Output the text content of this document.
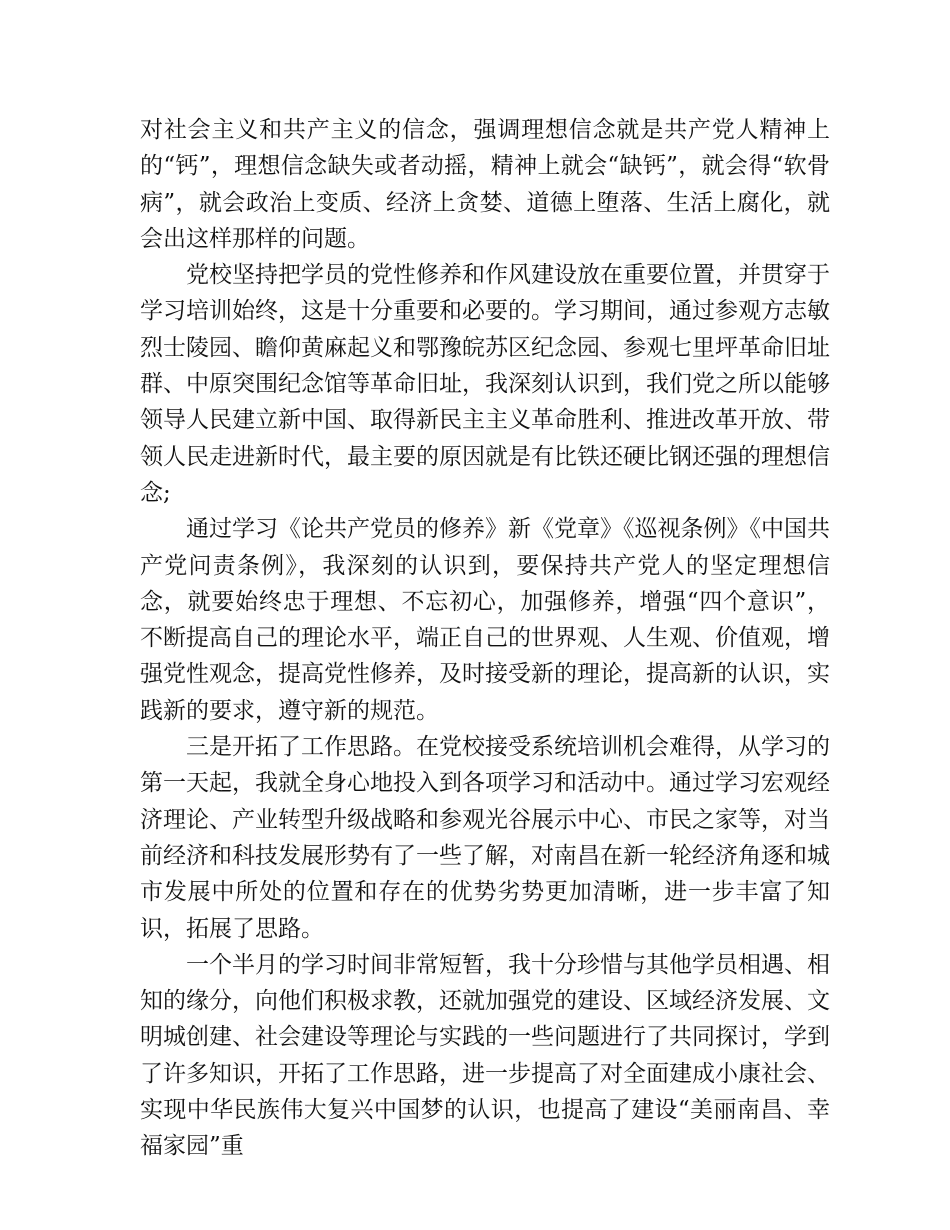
对社会主义和共产主义的信念，强调理想信念就是共产党人精神上的“钙”，理想信念缺失或者动摇，精神上就会“缺钙”，就会得“软骨病”，就会政治上变质、经济上贪婪、道德上堕落、生活上腐化，就会出这样那样的问题。

党校坚持把学员的党性修养和作风建设放在重要位置，并贯穿于学习培训始终，这是十分重要和必要的。学习期间，通过参观方志敏烈士陵园、瞻仰黄麻起义和鄂豫皖苏区纪念园、参观七里坪革命旧址群、中原突围纪念馆等革命旧址，我深刻认识到，我们党之所以能够领导人民建立新中国、取得新民主主义革命胜利、推进改革开放、带领人民走进新时代，最主要的原因就是有比铁还硬比钢还强的理想信念;

通过学习《论共产党员的修养》新《党章》《巡视条例》《中国共产党问责条例》，我深刻的认识到，要保持共产党人的坚定理想信念，就要始终忠于理想、不忘初心，加强修养，增强“四个意识”，不断提高自己的理论水平，端正自己的世界观、人生观、价值观，增强党性观念，提高党性修养，及时接受新的理论，提高新的认识，实践新的要求，遵守新的规范。

三是开拓了工作思路。在党校接受系统培训机会难得，从学习的第一天起，我就全身心地投入到各项学习和活动中。通过学习宏观经济理论、产业转型升级战略和参观光谷展示中心、市民之家等，对当前经济和科技发展形势有了一些了解，对南昌在新一轮经济角逐和城市发展中所处的位置和存在的优势劣势更加清晰，进一步丰富了知识，拓展了思路。

一个半月的学习时间非常短暂，我十分珍惜与其他学员相遇、相知的缘分，向他们积极求教，还就加强党的建设、区域经济发展、文明城创建、社会建设等理论与实践的一些问题进行了共同探讨，学到了许多知识，开拓了工作思路，进一步提高了对全面建成小康社会、实现中华民族伟大复兴中国梦的认识，也提高了建设“美丽南昌、幸福家园”重
